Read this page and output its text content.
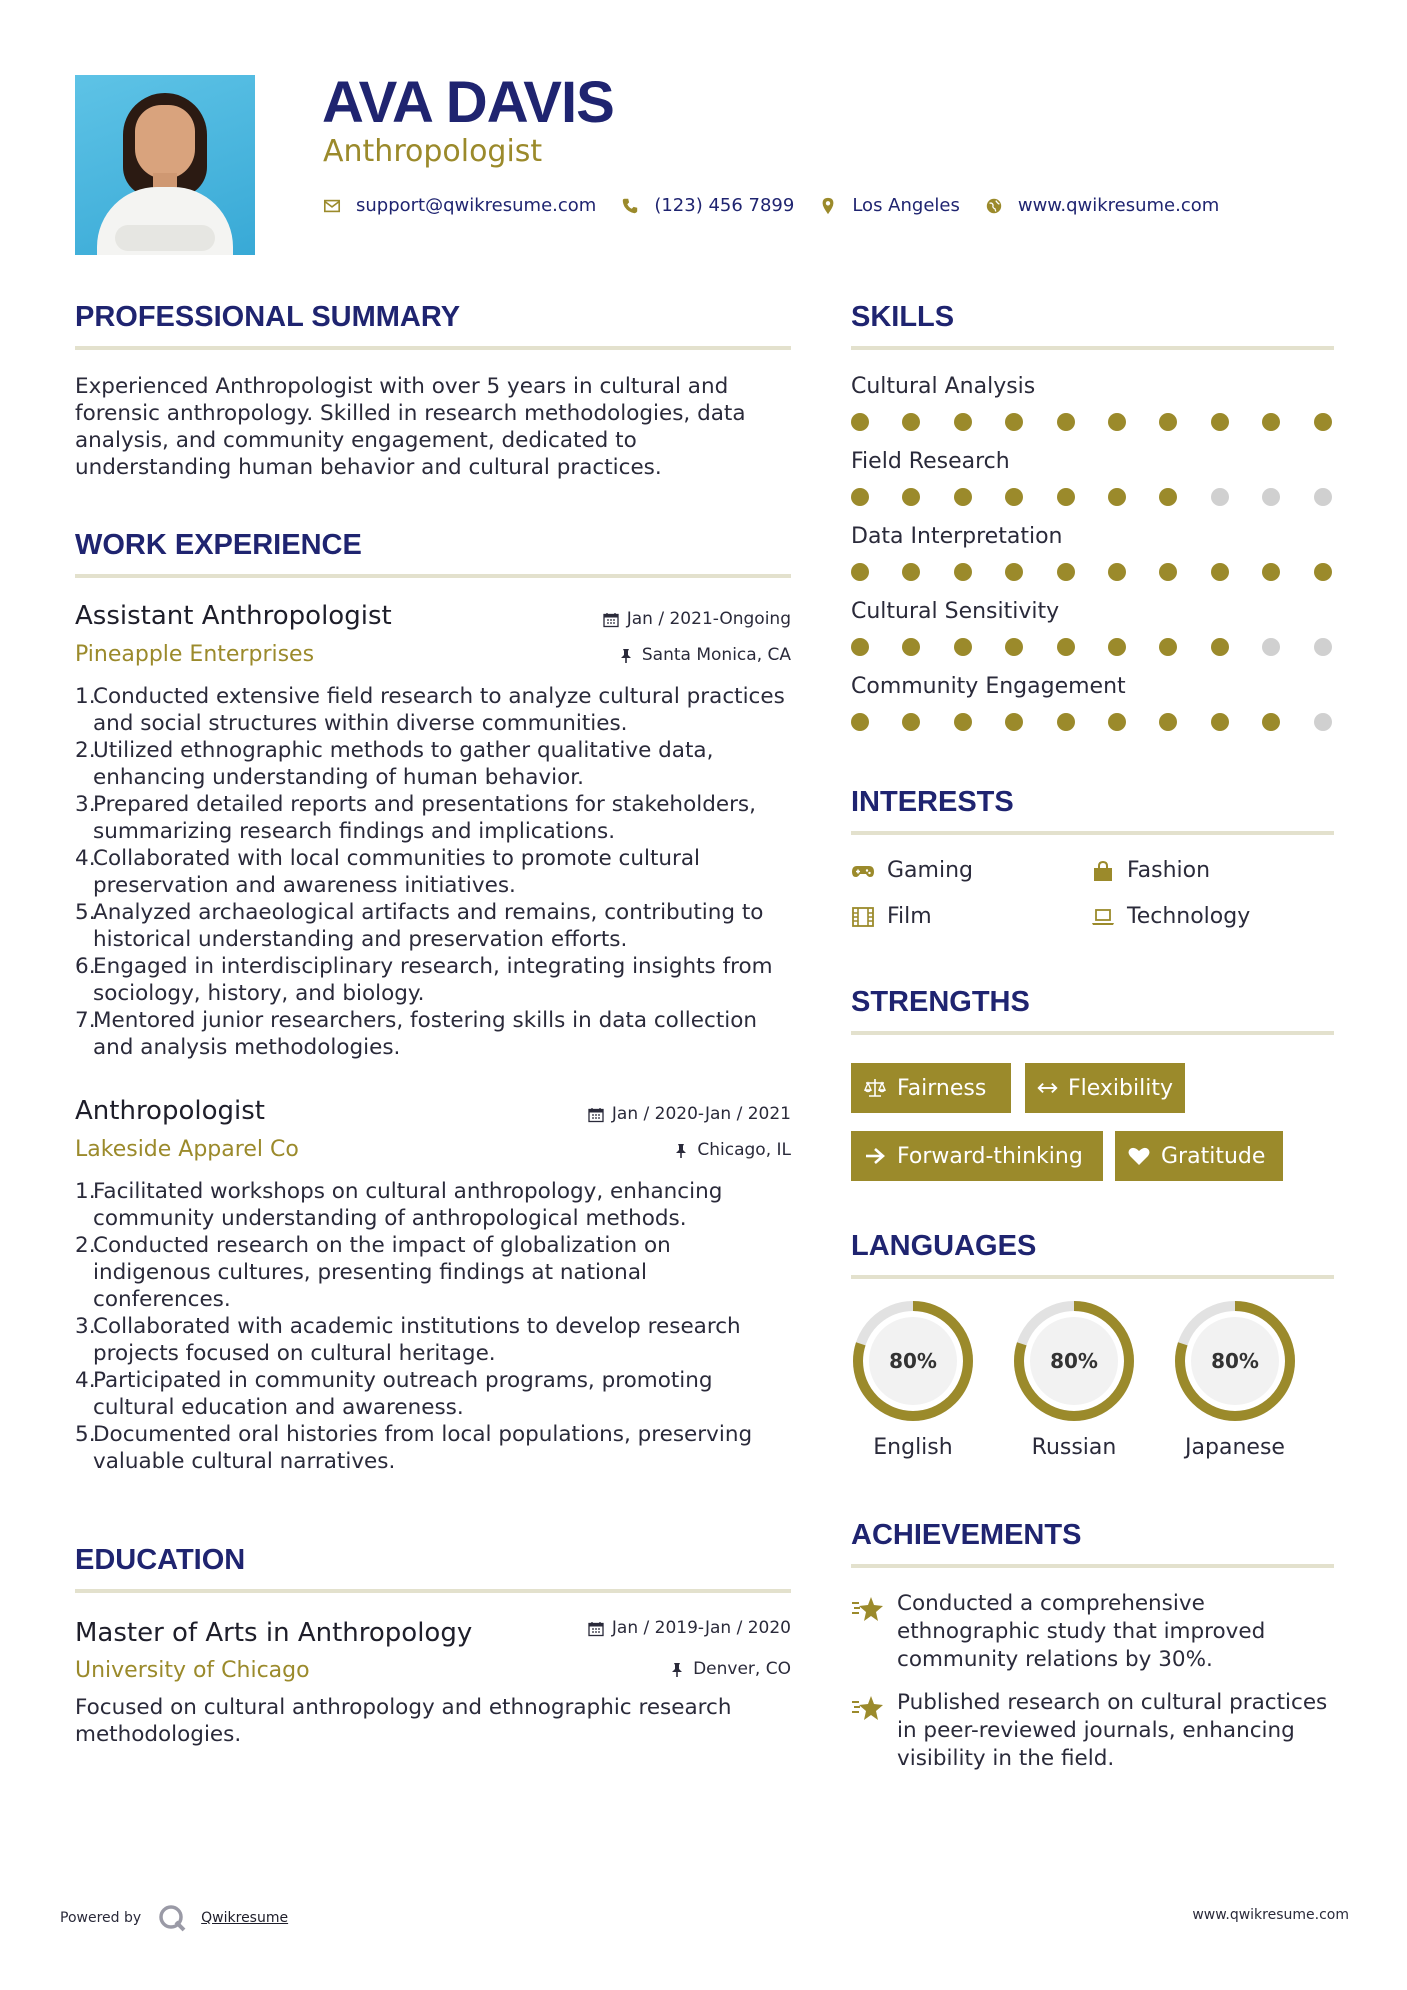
AVA DAVIS
Anthropologist
support@qwikresume.com	(123) 456 7899	Los Angeles	www.qwikresume.com
PROFESSIONAL SUMMARY
Experienced Anthropologist with over 5 years in cultural and forensic anthropology. Skilled in research methodologies, data analysis, and community engagement, dedicated to understanding human behavior and cultural practices.
WORK EXPERIENCE
Assistant Anthropologist	Jan / 2021-Ongoing
Pineapple Enterprises	Santa Monica, CA
Conducted extensive field research to analyze cultural practices and social structures within diverse communities.
Utilized ethnographic methods to gather qualitative data, enhancing understanding of human behavior.
Prepared detailed reports and presentations for stakeholders, summarizing research findings and implications.
Collaborated with local communities to promote cultural preservation and awareness initiatives.
Analyzed archaeological artifacts and remains, contributing to historical understanding and preservation efforts.
Engaged in interdisciplinary research, integrating insights from sociology, history, and biology.
Mentored junior researchers, fostering skills in data collection and analysis methodologies.
Anthropologist	Jan / 2020-Jan / 2021
Lakeside Apparel Co	Chicago, IL
Facilitated workshops on cultural anthropology, enhancing community understanding of anthropological methods.
Conducted research on the impact of globalization on indigenous cultures, presenting findings at national conferences.
Collaborated with academic institutions to develop research projects focused on cultural heritage.
Participated in community outreach programs, promoting cultural education and awareness.
Documented oral histories from local populations, preserving valuable cultural narratives.
EDUCATION
Master of Arts in Anthropology	Jan / 2019-Jan / 2020
University of Chicago	Denver, CO
Focused on cultural anthropology and ethnographic research methodologies.
SKILLS
Cultural Analysis
Field Research
Data Interpretation
Cultural Sensitivity
Community Engagement
INTERESTS
Gaming	Fashion
Film	Technology
STRENGTHS
Fairness	Flexibility
Forward-thinking	Gratitude
LANGUAGES
80%
English
80%
Russian
80%
Japanese
ACHIEVEMENTS
Conducted a comprehensive ethnographic study that improved community relations by 30%.
Published research on cultural practices in peer-reviewed journals, enhancing visibility in the field.
Powered by	Qwikresume	www.qwikresume.com
